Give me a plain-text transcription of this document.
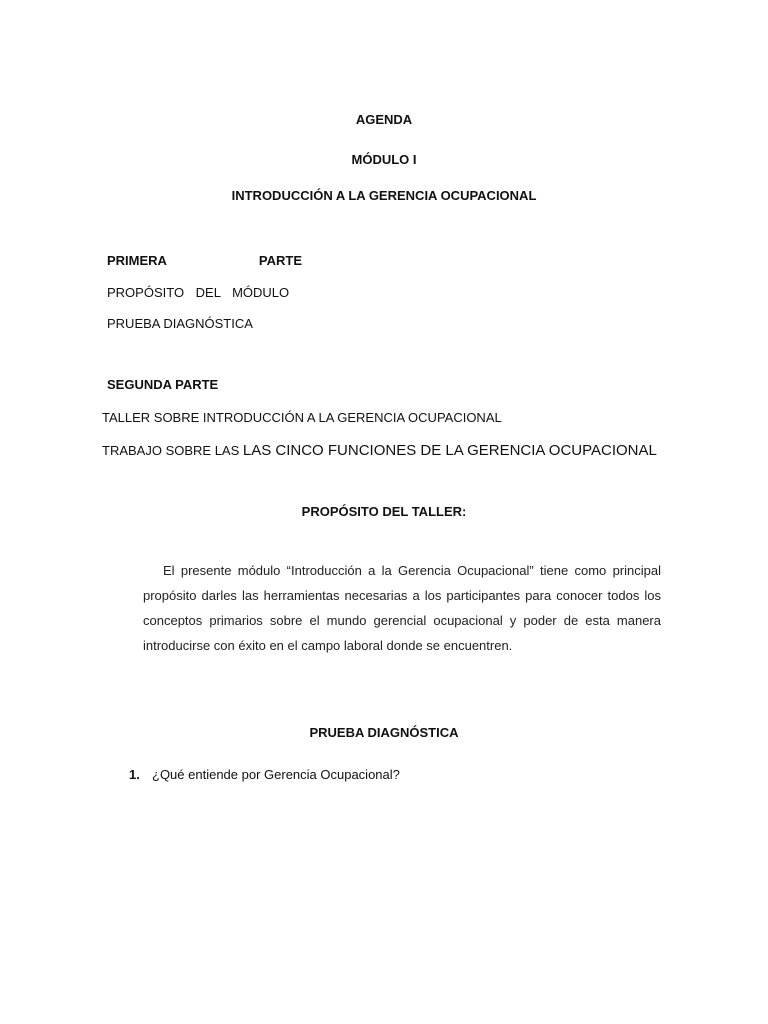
AGENDA
MÓDULO I
INTRODUCCIÓN A LA GERENCIA OCUPACIONAL
PRIMERA	PARTE
PROPÓSITO DEL MÓDULO
PRUEBA DIAGNÓSTICA
SEGUNDA PARTE
TALLER SOBRE INTRODUCCIÓN A LA GERENCIA OCUPACIONAL
TRABAJO SOBRE LAS LAS CINCO FUNCIONES DE LA GERENCIA OCUPACIONAL
PROPÓSITO DEL TALLER:

El presente módulo “Introducción a la Gerencia Ocupacional” tiene como principal propósito darles las herramientas necesarias a los participantes para conocer todos los conceptos primarios sobre el mundo gerencial ocupacional y poder de esta manera introducirse con éxito en el campo laboral donde se encuentren.

PRUEBA DIAGNÓSTICA
1. ¿Qué entiende por Gerencia Ocupacional?
